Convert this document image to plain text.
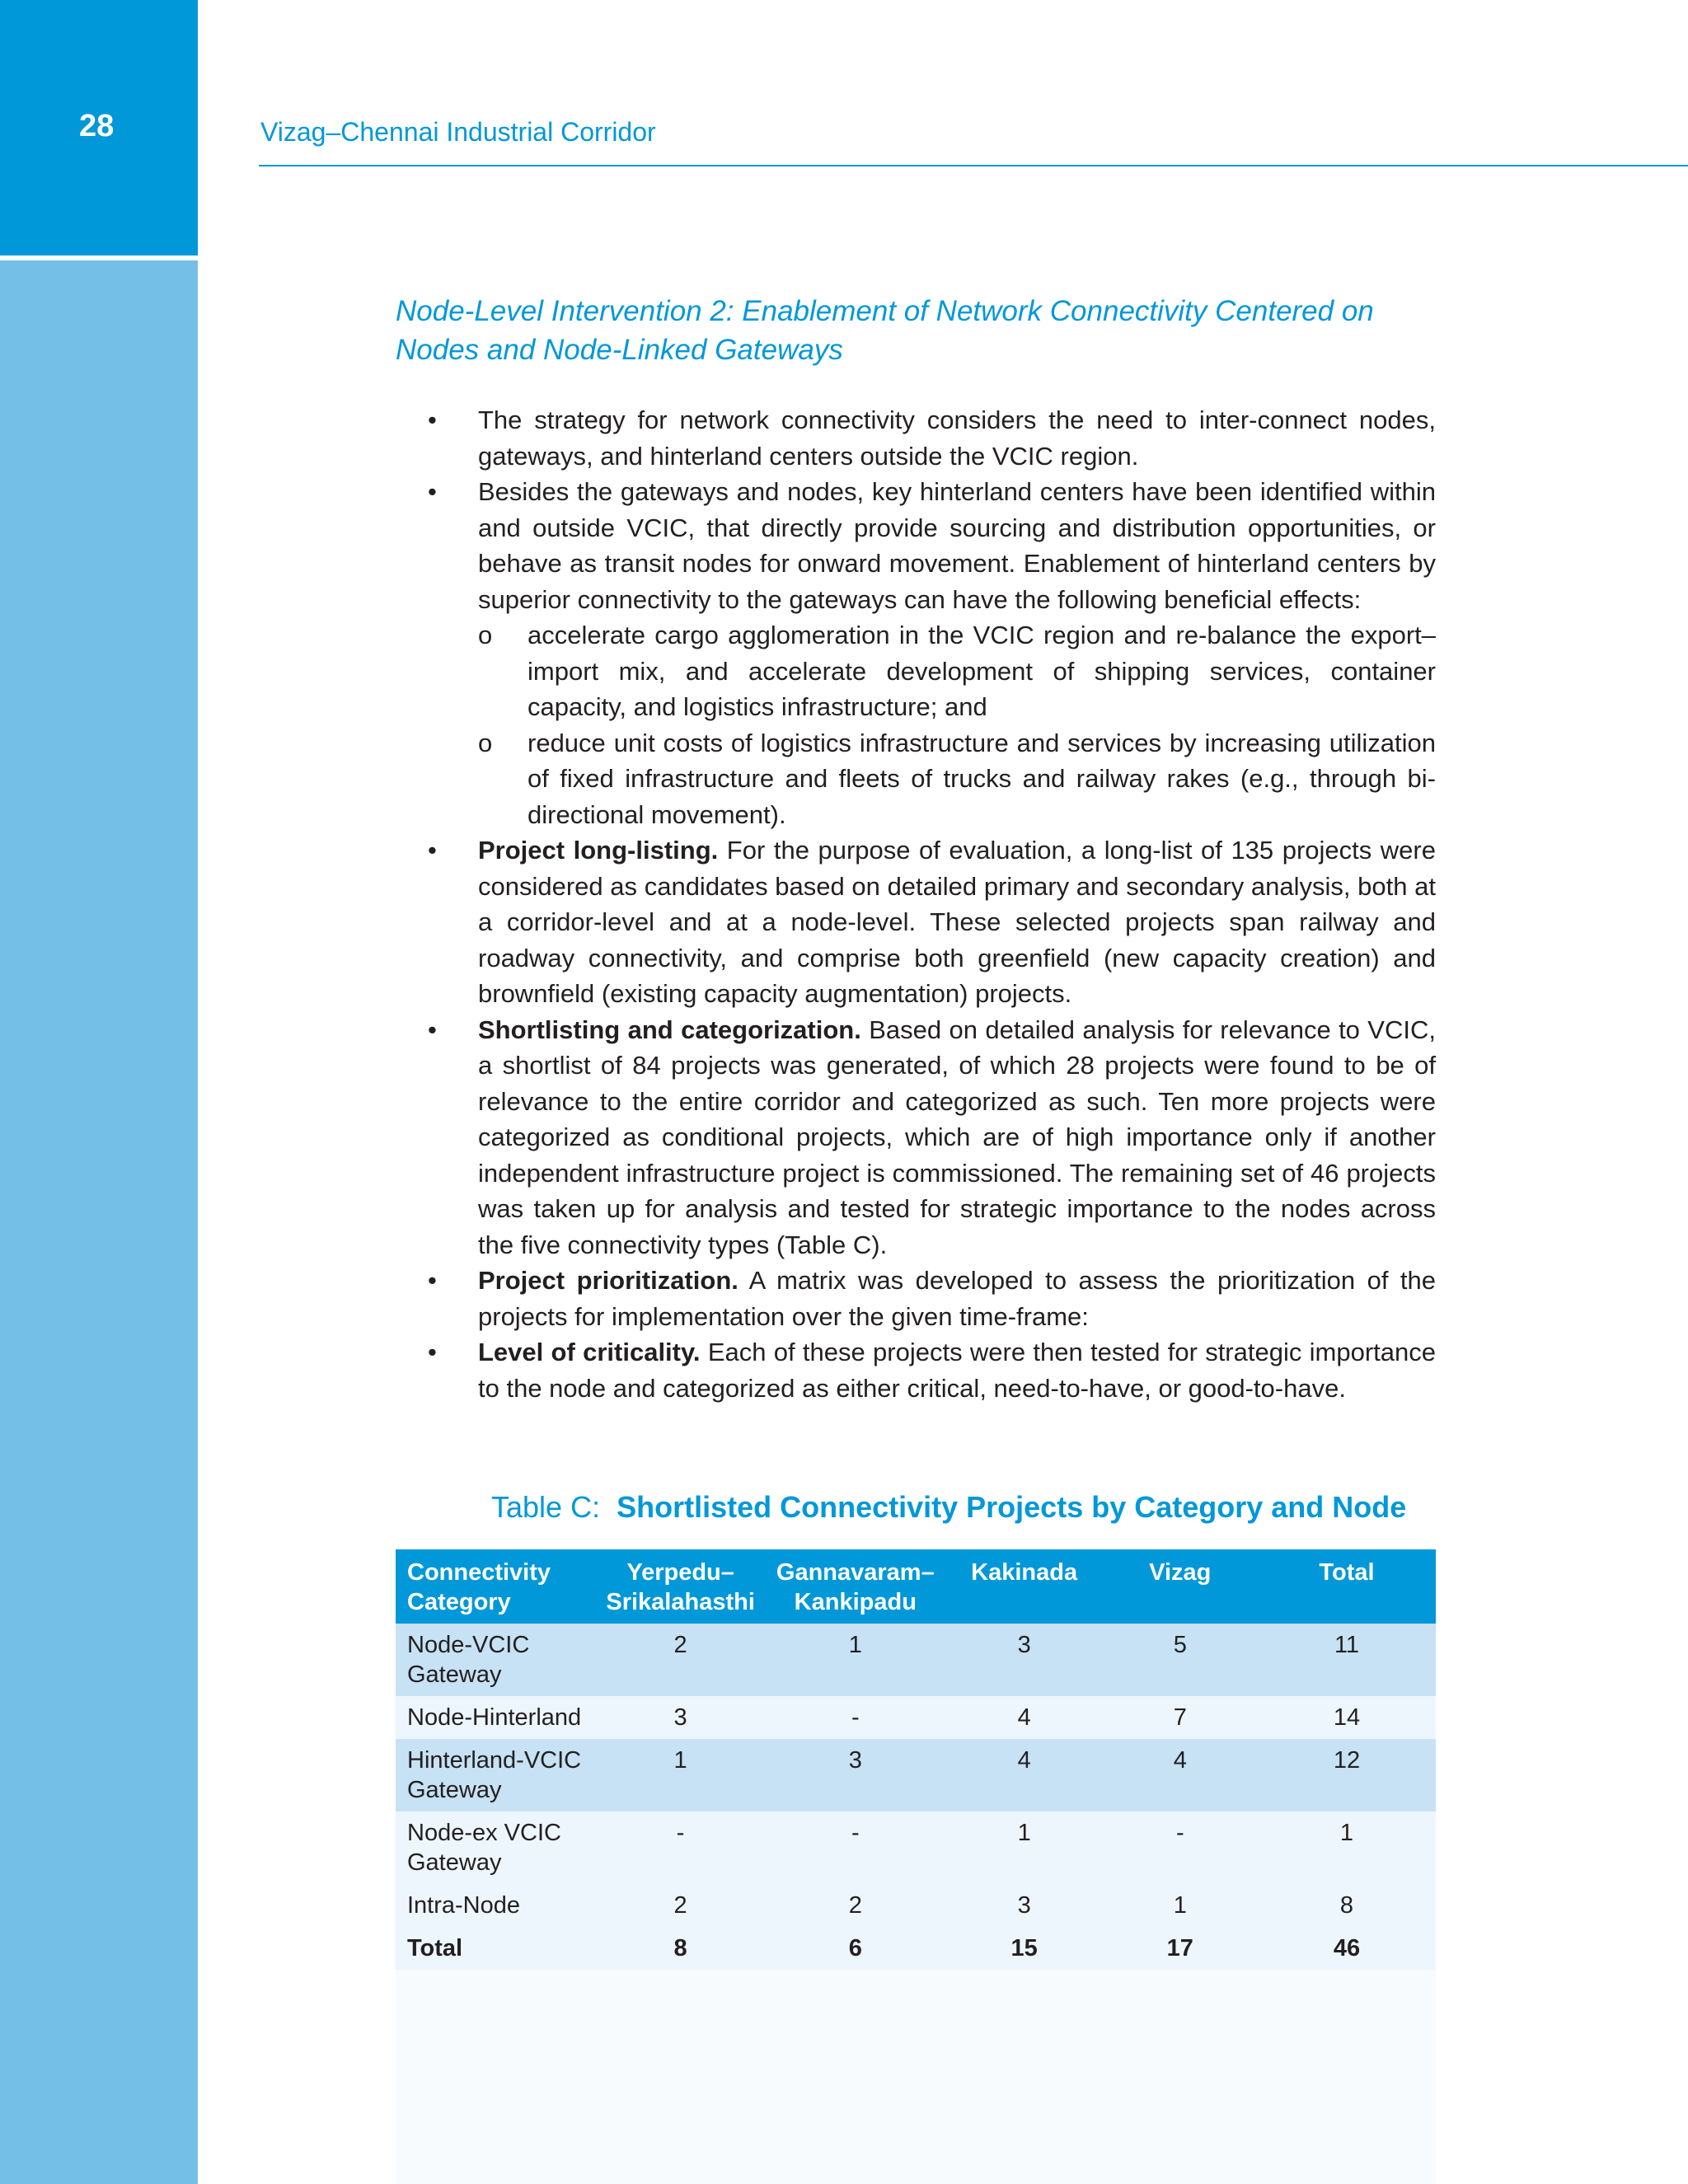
28	Vizag–Chennai Industrial Corridor
Node-Level Intervention 2: Enablement of Network Connectivity Centered on Nodes and Node-Linked Gateways
•	The strategy for network connectivity considers the need to inter-connect nodes, gateways, and hinterland centers outside the VCIC region.
•	Besides the gateways and nodes, key hinterland centers have been identified within and outside VCIC, that directly provide sourcing and distribution opportunities, or behave as transit nodes for onward movement. Enablement of hinterland centers by superior connectivity to the gateways can have the following beneficial effects:
o accelerate cargo agglomeration in the VCIC region and re-balance the export–import mix, and accelerate development of shipping services, container capacity, and logistics infrastructure; and
o reduce unit costs of logistics infrastructure and services by increasing utilization of fixed infrastructure and fleets of trucks and railway rakes (e.g., through bi-directional movement).
•	Project long-listing. For the purpose of evaluation, a long-list of 135 projects were considered as candidates based on detailed primary and secondary analysis, both at a corridor-level and at a node-level. These selected projects span railway and roadway connectivity, and comprise both greenfield (new capacity creation) and brownfield (existing capacity augmentation) projects.
•	Shortlisting and categorization. Based on detailed analysis for relevance to VCIC, a shortlist of 84 projects was generated, of which 28 projects were found to be of relevance to the entire corridor and categorized as such. Ten more projects were categorized as conditional projects, which are of high importance only if another independent infrastructure project is commissioned. The remaining set of 46 projects was taken up for analysis and tested for strategic importance to the nodes across the five connectivity types (Table C).
•	Project prioritization. A matrix was developed to assess the prioritization of the projects for implementation over the given time-frame:
•	Level of criticality. Each of these projects were then tested for strategic importance to the node and categorized as either critical, need-to-have, or good-to-have.
Table C: Shortlisted Connectivity Projects by Category and Node
Connectivity Category	Yerpedu–Srikalahasthi	Gannavaram–Kankipadu	Kakinada	Vizag	Total
Node-VCIC Gateway	2	1	3	5	11
Node-Hinterland	3	-	4	7	14
Hinterland-VCIC Gateway	1	3	4	4	12
Node-ex VCIC Gateway	-	-	1	-	1
Intra-Node	2	2	3	1	8
Total	8	6	15	17	46
